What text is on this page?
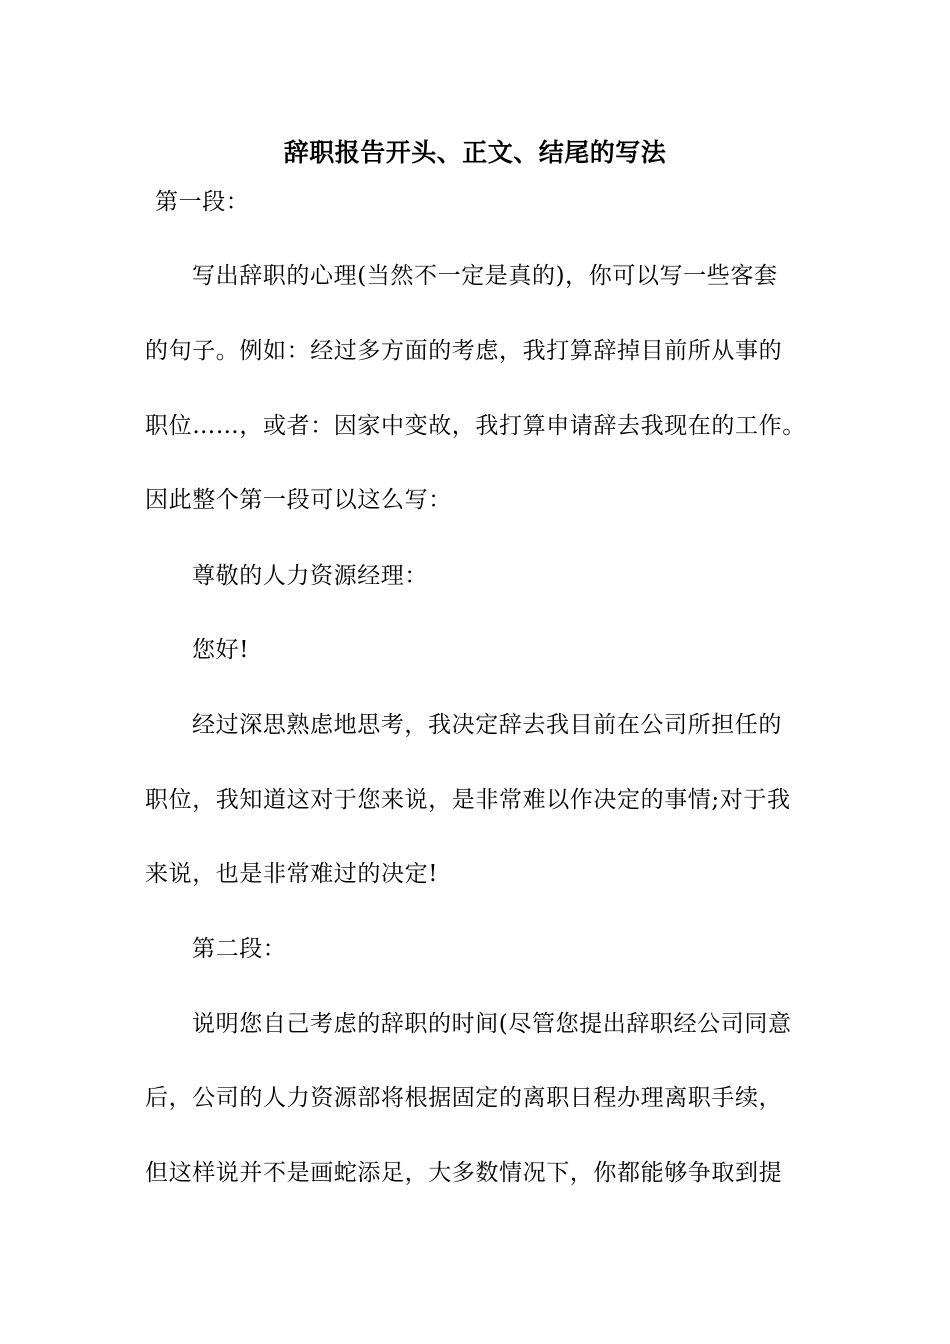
辞职报告开头、正文、结尾的写法
第一段：
写出辞职的心理(当然不一定是真的)，你可以写一些客套
的句子。例如：经过多方面的考虑，我打算辞掉目前所从事的
职位……，或者：因家中变故，我打算申请辞去我现在的工作。
因此整个第一段可以这么写：
尊敬的人力资源经理：
您好!
经过深思熟虑地思考，我决定辞去我目前在公司所担任的
职位，我知道这对于您来说，是非常难以作决定的事情;对于我
来说，也是非常难过的决定!
第二段：
说明您自己考虑的辞职的时间(尽管您提出辞职经公司同意
后，公司的人力资源部将根据固定的离职日程办理离职手续，
但这样说并不是画蛇添足，大多数情况下，你都能够争取到提
